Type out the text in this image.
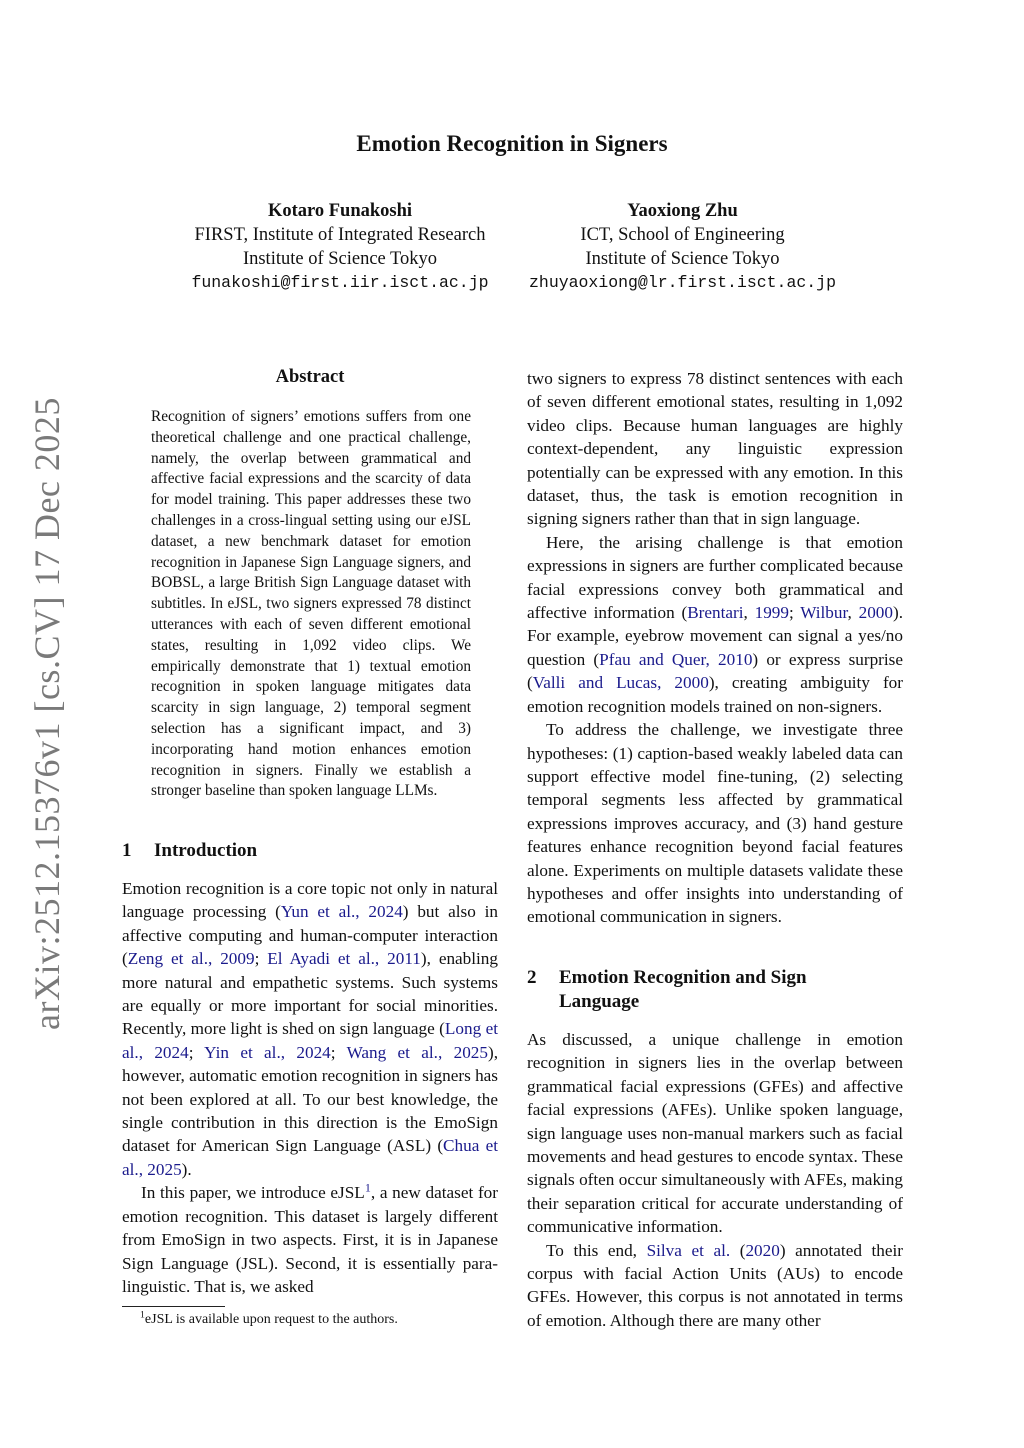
Emotion Recognition in Signers
Kotaro Funakoshi
FIRST, Institute of Integrated Research
Institute of Science Tokyo
funakoshi@first.iir.isct.ac.jp
Yaoxiong Zhu
ICT, School of Engineering
Institute of Science Tokyo
zhuyaoxiong@lr.first.isct.ac.jp
arXiv:2512.15376v1 [cs.CV] 17 Dec 2025
Abstract
Recognition of signers’ emotions suffers from one theoretical challenge and one practical challenge, namely, the overlap between grammatical and affective facial expressions and the scarcity of data for model training. This paper addresses these two challenges in a cross-lingual setting using our eJSL dataset, a new benchmark dataset for emotion recognition in Japanese Sign Language signers, and BOBSL, a large British Sign Language dataset with subtitles. In eJSL, two signers expressed 78 distinct utterances with each of seven different emotional states, resulting in 1,092 video clips. We empirically demonstrate that 1) textual emotion recognition in spoken language mitigates data scarcity in sign language, 2) temporal segment selection has a significant impact, and 3) incorporating hand motion enhances emotion recognition in signers. Finally we establish a stronger baseline than spoken language LLMs.
1 Introduction

Emotion recognition is a core topic not only in natural language processing (Yun et al., 2024) but also in affective computing and human-computer interaction (Zeng et al., 2009; El Ayadi et al., 2011), enabling more natural and empathetic systems. Such systems are equally or more important for social minorities. Recently, more light is shed on sign language (Long et al., 2024; Yin et al., 2024; Wang et al., 2025), however, automatic emotion recognition in signers has not been explored at all. To our best knowledge, the single contribution in this direction is the EmoSign dataset for American Sign Language (ASL) (Chua et al., 2025).

In this paper, we introduce eJSL$^1$, a new dataset for emotion recognition. This dataset is largely different from EmoSign in two aspects. First, it is in Japanese Sign Language (JSL). Second, it is essentially para-linguistic. That is, we asked

two signers to express 78 distinct sentences with each of seven different emotional states, resulting in 1,092 video clips. Because human languages are highly context-dependent, any linguistic expression potentially can be expressed with any emotion. In this dataset, thus, the task is emotion recognition in signing signers rather than that in sign language.

Here, the arising challenge is that emotion expressions in signers are further complicated because facial expressions convey both grammatical and affective information (Brentari, 1999; Wilbur, 2000). For example, eyebrow movement can signal a yes/no question (Pfau and Quer, 2010) or express surprise (Valli and Lucas, 2000), creating ambiguity for emotion recognition models trained on non-signers.

To address the challenge, we investigate three hypotheses: (1) caption-based weakly labeled data can support effective model fine-tuning, (2) selecting temporal segments less affected by grammatical expressions improves accuracy, and (3) hand gesture features enhance recognition beyond facial features alone. Experiments on multiple datasets validate these hypotheses and offer insights into understanding of emotional communication in signers.

2 Emotion Recognition and Sign
Language

As discussed, a unique challenge in emotion recognition in signers lies in the overlap between grammatical facial expressions (GFEs) and affective facial expressions (AFEs). Unlike spoken language, sign language uses non-manual markers such as facial movements and head gestures to encode syntax. These signals often occur simultaneously with AFEs, making their separation critical for accurate understanding of communicative information.

To this end, Silva et al. (2020) annotated their corpus with facial Action Units (AUs) to encode GFEs. However, this corpus is not annotated in terms of emotion. Although there are many other

$^1$eJSL is available upon request to the authors.
